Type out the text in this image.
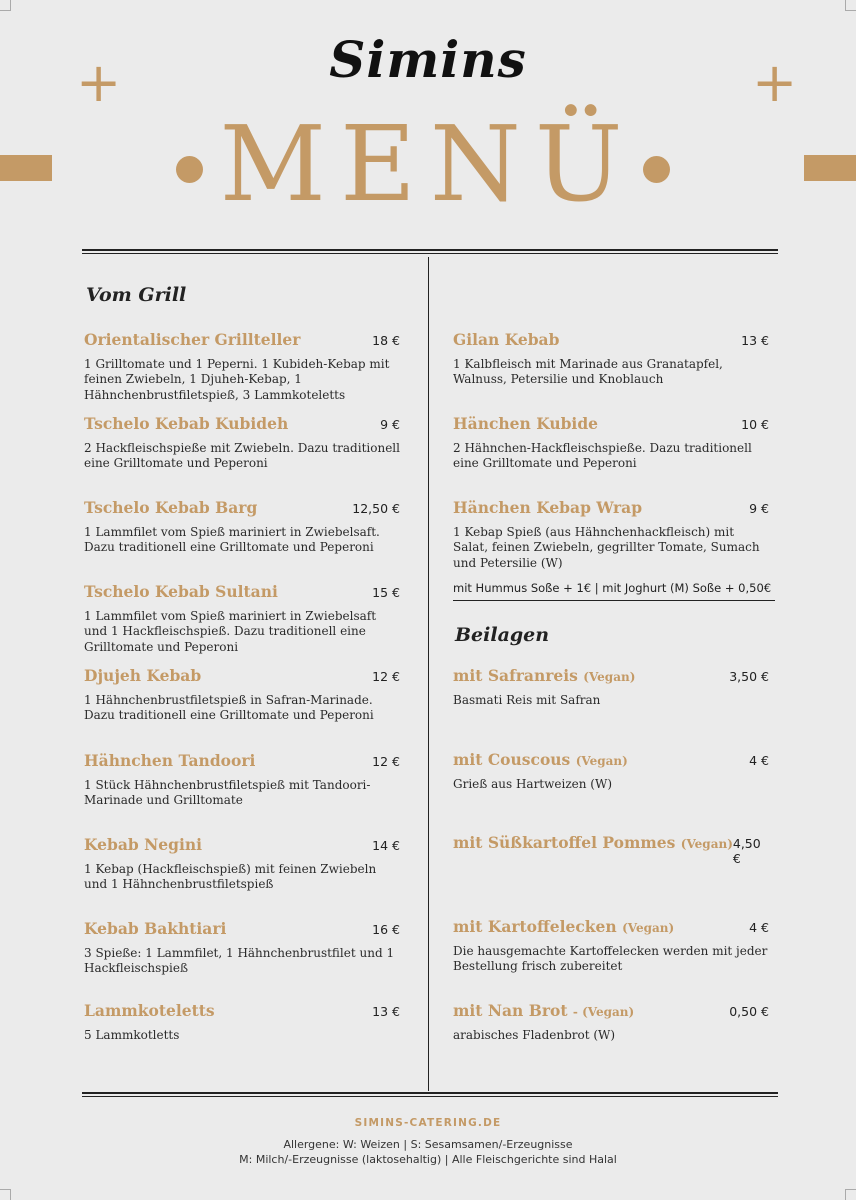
Simins
+	+
MENÜ
Vom Grill
Orientalischer Grillteller	18 €
1 Grilltomate und 1 Peperni. 1 Kubideh-Kebap mit feinen Zwiebeln, 1 Djuheh-Kebap, 1 Hähnchenbrustfiletspieß, 3 Lammkoteletts
Tschelo Kebab Kubideh	9 €
2 Hackfleischspieße mit Zwiebeln. Dazu traditionell eine Grilltomate und Peperoni
Tschelo Kebab Barg	12,50 €
1 Lammfilet vom Spieß mariniert in Zwiebelsaft. Dazu traditionell eine Grilltomate und Peperoni
Tschelo Kebab Sultani	15 €
1 Lammfilet vom Spieß mariniert in Zwiebelsaft und 1 Hackfleischspieß. Dazu traditionell eine Grilltomate und Peperoni
Djujeh Kebab	12 €
1 Hähnchenbrustfiletspieß in Safran-Marinade. Dazu traditionell eine Grilltomate und Peperoni
Hähnchen Tandoori	12 €
1 Stück Hähnchenbrustfiletspieß mit Tandoori-Marinade und Grilltomate
Kebab Negini	14 €
1 Kebap (Hackfleischspieß) mit feinen Zwiebeln und 1 Hähnchenbrustfiletspieß
Kebab Bakhtiari	16 €
3 Spieße: 1 Lammfilet, 1 Hähnchenbrustfilet und 1 Hackfleischspieß
Lammkoteletts	13 €
5 Lammkotletts
Gilan Kebab	13 €
1 Kalbfleisch mit Marinade aus Granatapfel, Walnuss, Petersilie und Knoblauch
Hänchen Kubide	10 €
2 Hähnchen-Hackfleischspieße. Dazu traditionell eine Grilltomate und Peperoni
Hänchen Kebap Wrap	9 €
1 Kebap Spieß (aus Hähnchenhackfleisch) mit Salat, feinen Zwiebeln, gegrillter Tomate, Sumach und Petersilie (W)
mit Hummus Soße + 1€ | mit Joghurt (M) Soße + 0,50€
Beilagen
mit Safranreis (Vegan)	3,50 €
Basmati Reis mit Safran
mit Couscous (Vegan)	4 €
Grieß aus Hartweizen (W)
mit Süßkartoffel Pommes (Vegan) 4,50 €
mit Kartoffelecken (Vegan)	4 €
Die hausgemachte Kartoffelecken werden mit jeder Bestellung frisch zubereitet
mit Nan Brot - (Vegan)	0,50 €
arabisches Fladenbrot (W)
SIMINS-CATERING.DE
Allergene: W: Weizen | S: Sesamsamen/-Erzeugnisse
M: Milch/-Erzeugnisse (laktosehaltig) | Alle Fleischgerichte sind Halal
